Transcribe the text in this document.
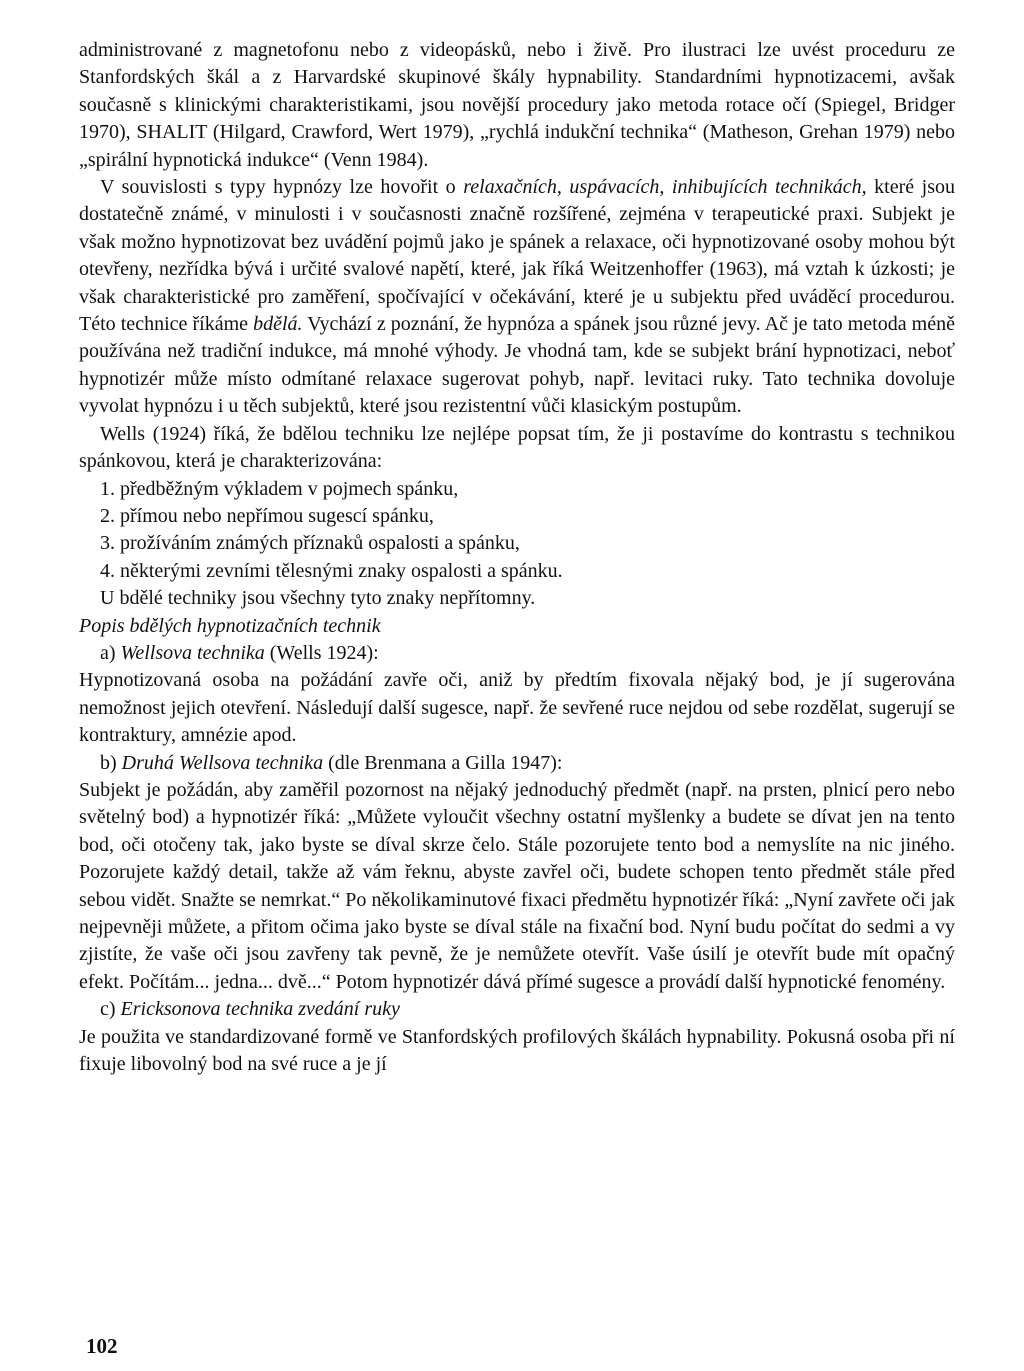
administrované z magnetofonu nebo z videopásků, nebo i živě. Pro ilustraci lze uvést proceduru ze Stanfordských škál a z Harvardské skupinové škály hypnability. Standardními hypnotizacemi, avšak současně s klinickými charakteristikami, jsou novější procedury jako metoda rotace očí (Spiegel, Bridger 1970), SHALIT (Hilgard, Crawford, Wert 1979), „rychlá indukční technika“ (Matheson, Grehan 1979) nebo „spirální hypnotická indukce“ (Venn 1984).

V souvislosti s typy hypnózy lze hovořit o relaxačních, uspávacích, inhibujících technikách, které jsou dostatečně známé, v minulosti i v současnosti značně rozšířené, zejména v terapeutické praxi. Subjekt je však možno hypnotizovat bez uvádění pojmů jako je spánek a relaxace, oči hypnotizované osoby mohou být otevřeny, nezřídka bývá i určité svalové napětí, které, jak říká Weitzenhoffer (1963), má vztah k úzkosti; je však charakteristické pro zaměření, spočívající v očekávání, které je u subjektu před uváděcí procedurou. Této technice říkáme bdělá. Vychází z poznání, že hypnóza a spánek jsou různé jevy. Ač je tato metoda méně používána než tradiční indukce, má mnohé výhody. Je vhodná tam, kde se subjekt brání hypnotizaci, neboť hypnotizér může místo odmítané relaxace sugerovat pohyb, např. levitaci ruky. Tato technika dovoluje vyvolat hypnózu i u těch subjektů, které jsou rezistentní vůči klasickým postupům.

Wells (1924) říká, že bdělou techniku lze nejlépe popsat tím, že ji postavíme do kontrastu s technikou spánkovou, která je charakterizována:

1. předběžným výkladem v pojmech spánku,

2. přímou nebo nepřímou sugescí spánku,

3. prožíváním známých příznaků ospalosti a spánku,

4. některými zevními tělesnými znaky ospalosti a spánku.

U bdělé techniky jsou všechny tyto znaky nepřítomny.

Popis bdělých hypnotizačních technik

a) Wellsova technika (Wells 1924):

Hypnotizovaná osoba na požádání zavře oči, aniž by předtím fixovala nějaký bod, je jí sugerována nemožnost jejich otevření. Následují další sugesce, např. že sevřené ruce nejdou od sebe rozdělat, sugerují se kontraktury, amnézie apod.

b) Druhá Wellsova technika (dle Brenmana a Gilla 1947):

Subjekt je požádán, aby zaměřil pozornost na nějaký jednoduchý předmět (např. na prsten, plnicí pero nebo světelný bod) a hypnotizér říká: „Můžete vyloučit všechny ostatní myšlenky a budete se dívat jen na tento bod, oči otočeny tak, jako byste se díval skrze čelo. Stále pozorujete tento bod a nemyslíte na nic jiného. Pozorujete každý detail, takže až vám řeknu, abyste zavřel oči, budete schopen tento předmět stále před sebou vidět. Snažte se nemrkat.“ Po několikaminutové fixaci předmětu hypnotizér říká: „Nyní zavřete oči jak nejpevněji můžete, a přitom očima jako byste se díval stále na fixační bod. Nyní budu počítat do sedmi a vy zjistíte, že vaše oči jsou zavřeny tak pevně, že je nemůžete otevřít. Vaše úsilí je otevřít bude mít opačný efekt. Počítám... jedna... dvě...“ Potom hypnotizér dává přímé sugesce a provádí další hypnotické fenomény.

c) Ericksonova technika zvedání ruky

Je použita ve standardizované formě ve Stanfordských profilových škálách hypnability. Pokusná osoba při ní fixuje libovolný bod na své ruce a je jí

102
